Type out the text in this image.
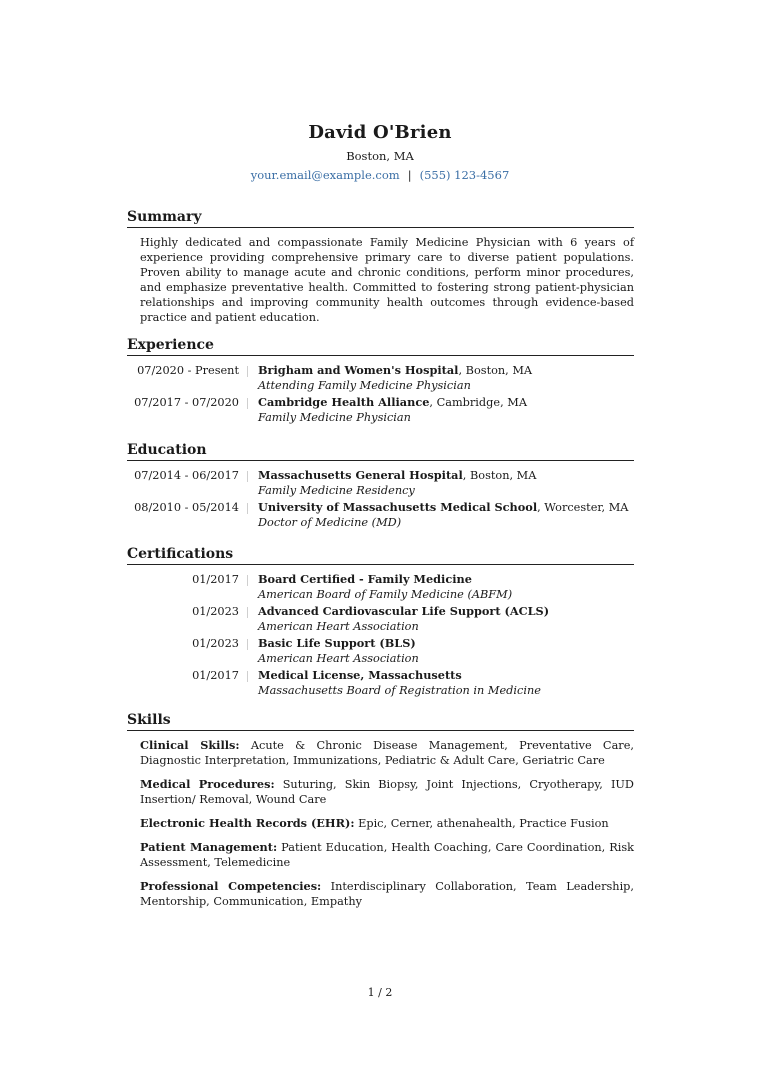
David O'Brien
Boston, MA
your.email@example.com | (555) 123-4567
Summary
Highly dedicated and compassionate Family Medicine Physician with 6 years of experience providing comprehensive primary care to diverse patient populations. Proven ability to manage acute and chronic conditions, perform minor procedures, and emphasize preventative health. Committed to fostering strong patient-physician relationships and improving community health outcomes through evidence-based practice and patient education.
Experience
07/2020 - Present	Brigham and Women's Hospital, Boston, MA
Attending Family Medicine Physician
07/2017 - 07/2020	Cambridge Health Alliance, Cambridge, MA
Family Medicine Physician
Education
07/2014 - 06/2017	Massachusetts General Hospital, Boston, MA
Family Medicine Residency
08/2010 - 05/2014	University of Massachusetts Medical School, Worcester, MA
Doctor of Medicine (MD)
Certifications
01/2017	Board Certified - Family Medicine
American Board of Family Medicine (ABFM)
01/2023	Advanced Cardiovascular Life Support (ACLS)
American Heart Association
01/2023	Basic Life Support (BLS)
American Heart Association
01/2017	Medical License, Massachusetts
Massachusetts Board of Registration in Medicine
Skills
Clinical Skills: Acute & Chronic Disease Management, Preventative Care, Diagnostic Interpretation, Immunizations, Pediatric & Adult Care, Geriatric Care
Medical Procedures: Suturing, Skin Biopsy, Joint Injections, Cryotherapy, IUD Insertion/ Removal, Wound Care
Electronic Health Records (EHR): Epic, Cerner, athenahealth, Practice Fusion
Patient Management: Patient Education, Health Coaching, Care Coordination, Risk Assessment, Telemedicine
Professional Competencies: Interdisciplinary Collaboration, Team Leadership, Mentorship, Communication, Empathy
1 / 2
